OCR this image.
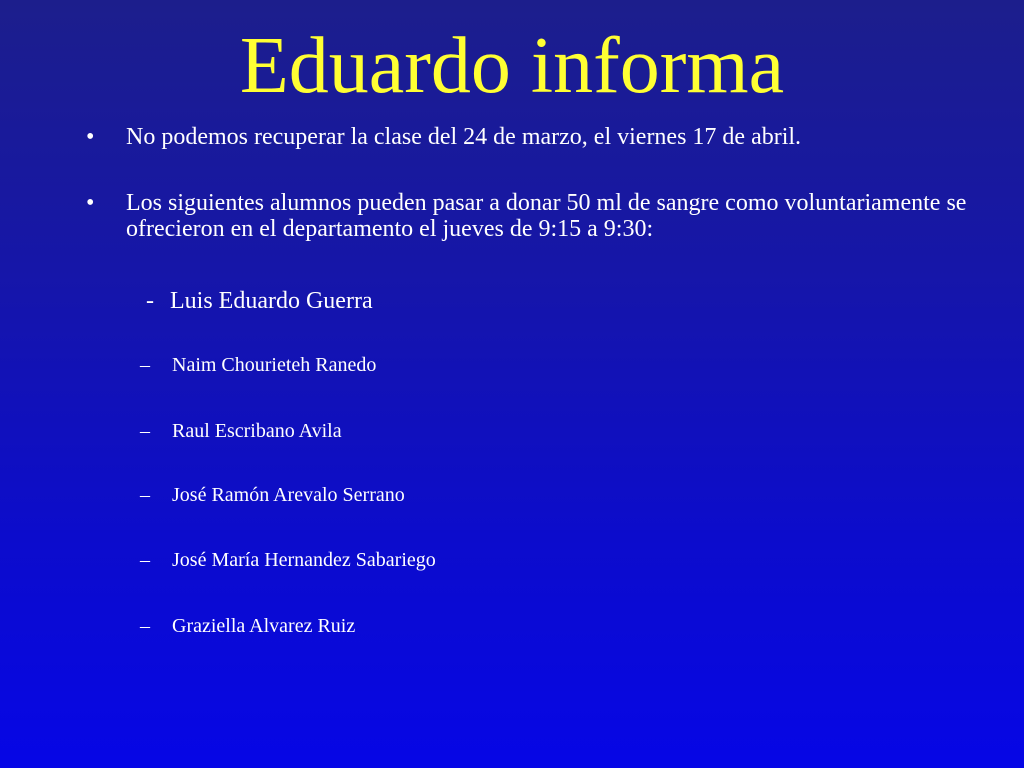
Eduardo informa
•	No podemos recuperar la clase del 24 de marzo, el viernes 17 de abril.
•	Los siguientes alumnos pueden pasar a donar 50 ml de sangre como voluntariamente se ofrecieron en el departamento el jueves de 9:15 a 9:30:
- Luis Eduardo Guerra
–	Naim Chourieteh Ranedo
–	Raul Escribano Avila
–	José Ramón Arevalo Serrano
–	José María Hernandez Sabariego
–	Graziella Alvarez Ruiz
